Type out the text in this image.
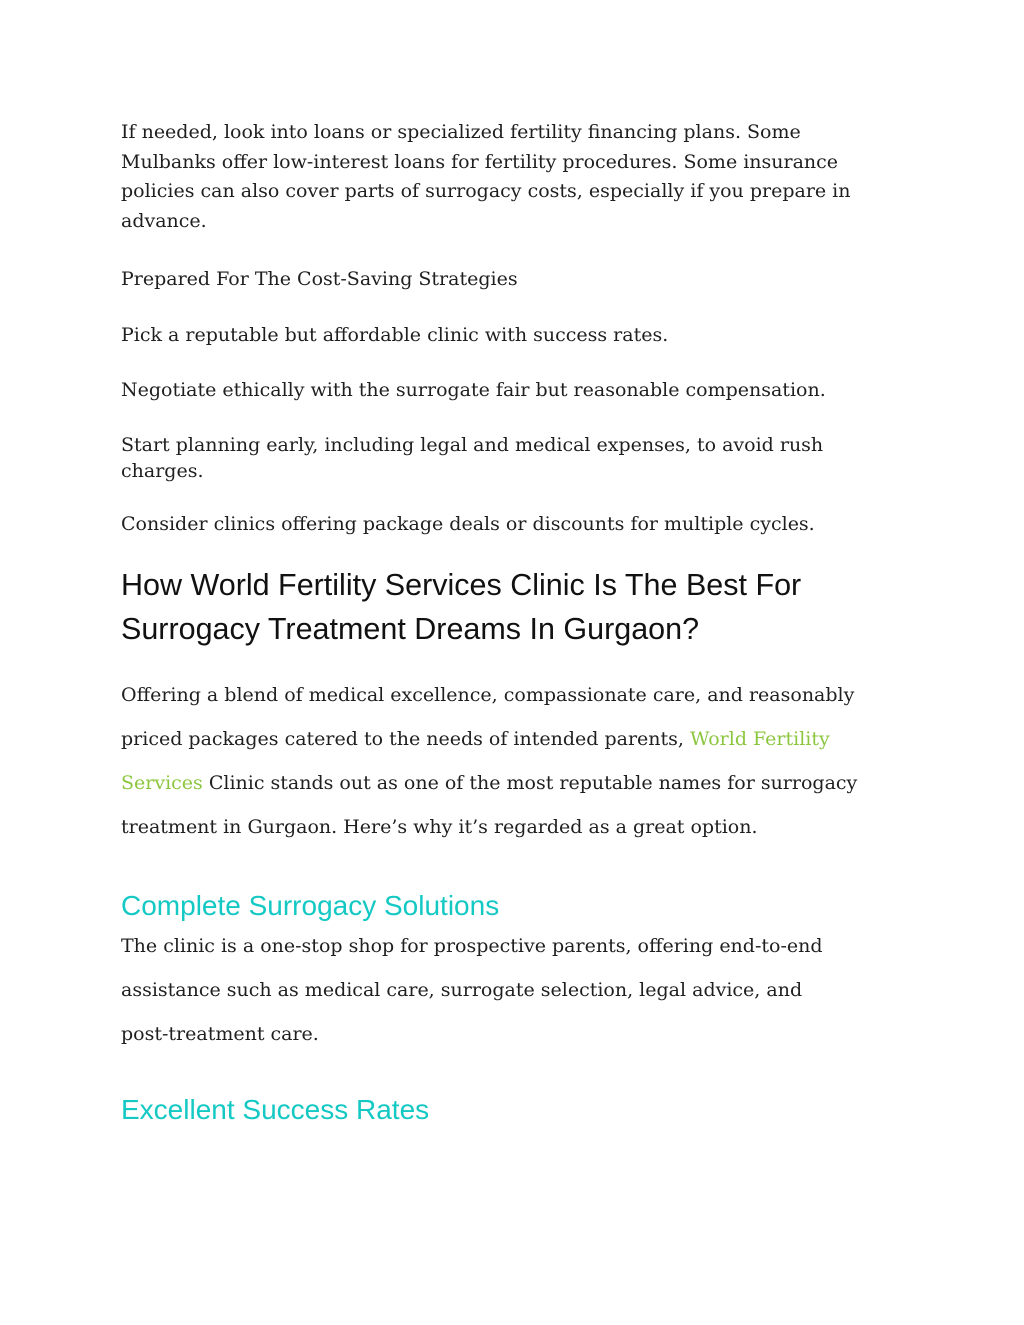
If needed, look into loans or specialized fertility financing plans. Some Mulbanks offer low-interest loans for fertility procedures. Some insurance policies can also cover parts of surrogacy costs, especially if you prepare in advance.

Prepared For The Cost-Saving Strategies

Pick a reputable but affordable clinic with success rates.

Negotiate ethically with the surrogate fair but reasonable compensation.

Start planning early, including legal and medical expenses, to avoid rush charges.

Consider clinics offering package deals or discounts for multiple cycles.

How World Fertility Services Clinic Is The Best For Surrogacy Treatment Dreams In Gurgaon?

Offering a blend of medical excellence, compassionate care, and reasonably priced packages catered to the needs of intended parents, World Fertility Services Clinic stands out as one of the most reputable names for surrogacy treatment in Gurgaon. Here’s why it’s regarded as a great option.

Complete Surrogacy Solutions

The clinic is a one-stop shop for prospective parents, offering end-to-end assistance such as medical care, surrogate selection, legal advice, and post-treatment care.

Excellent Success Rates
